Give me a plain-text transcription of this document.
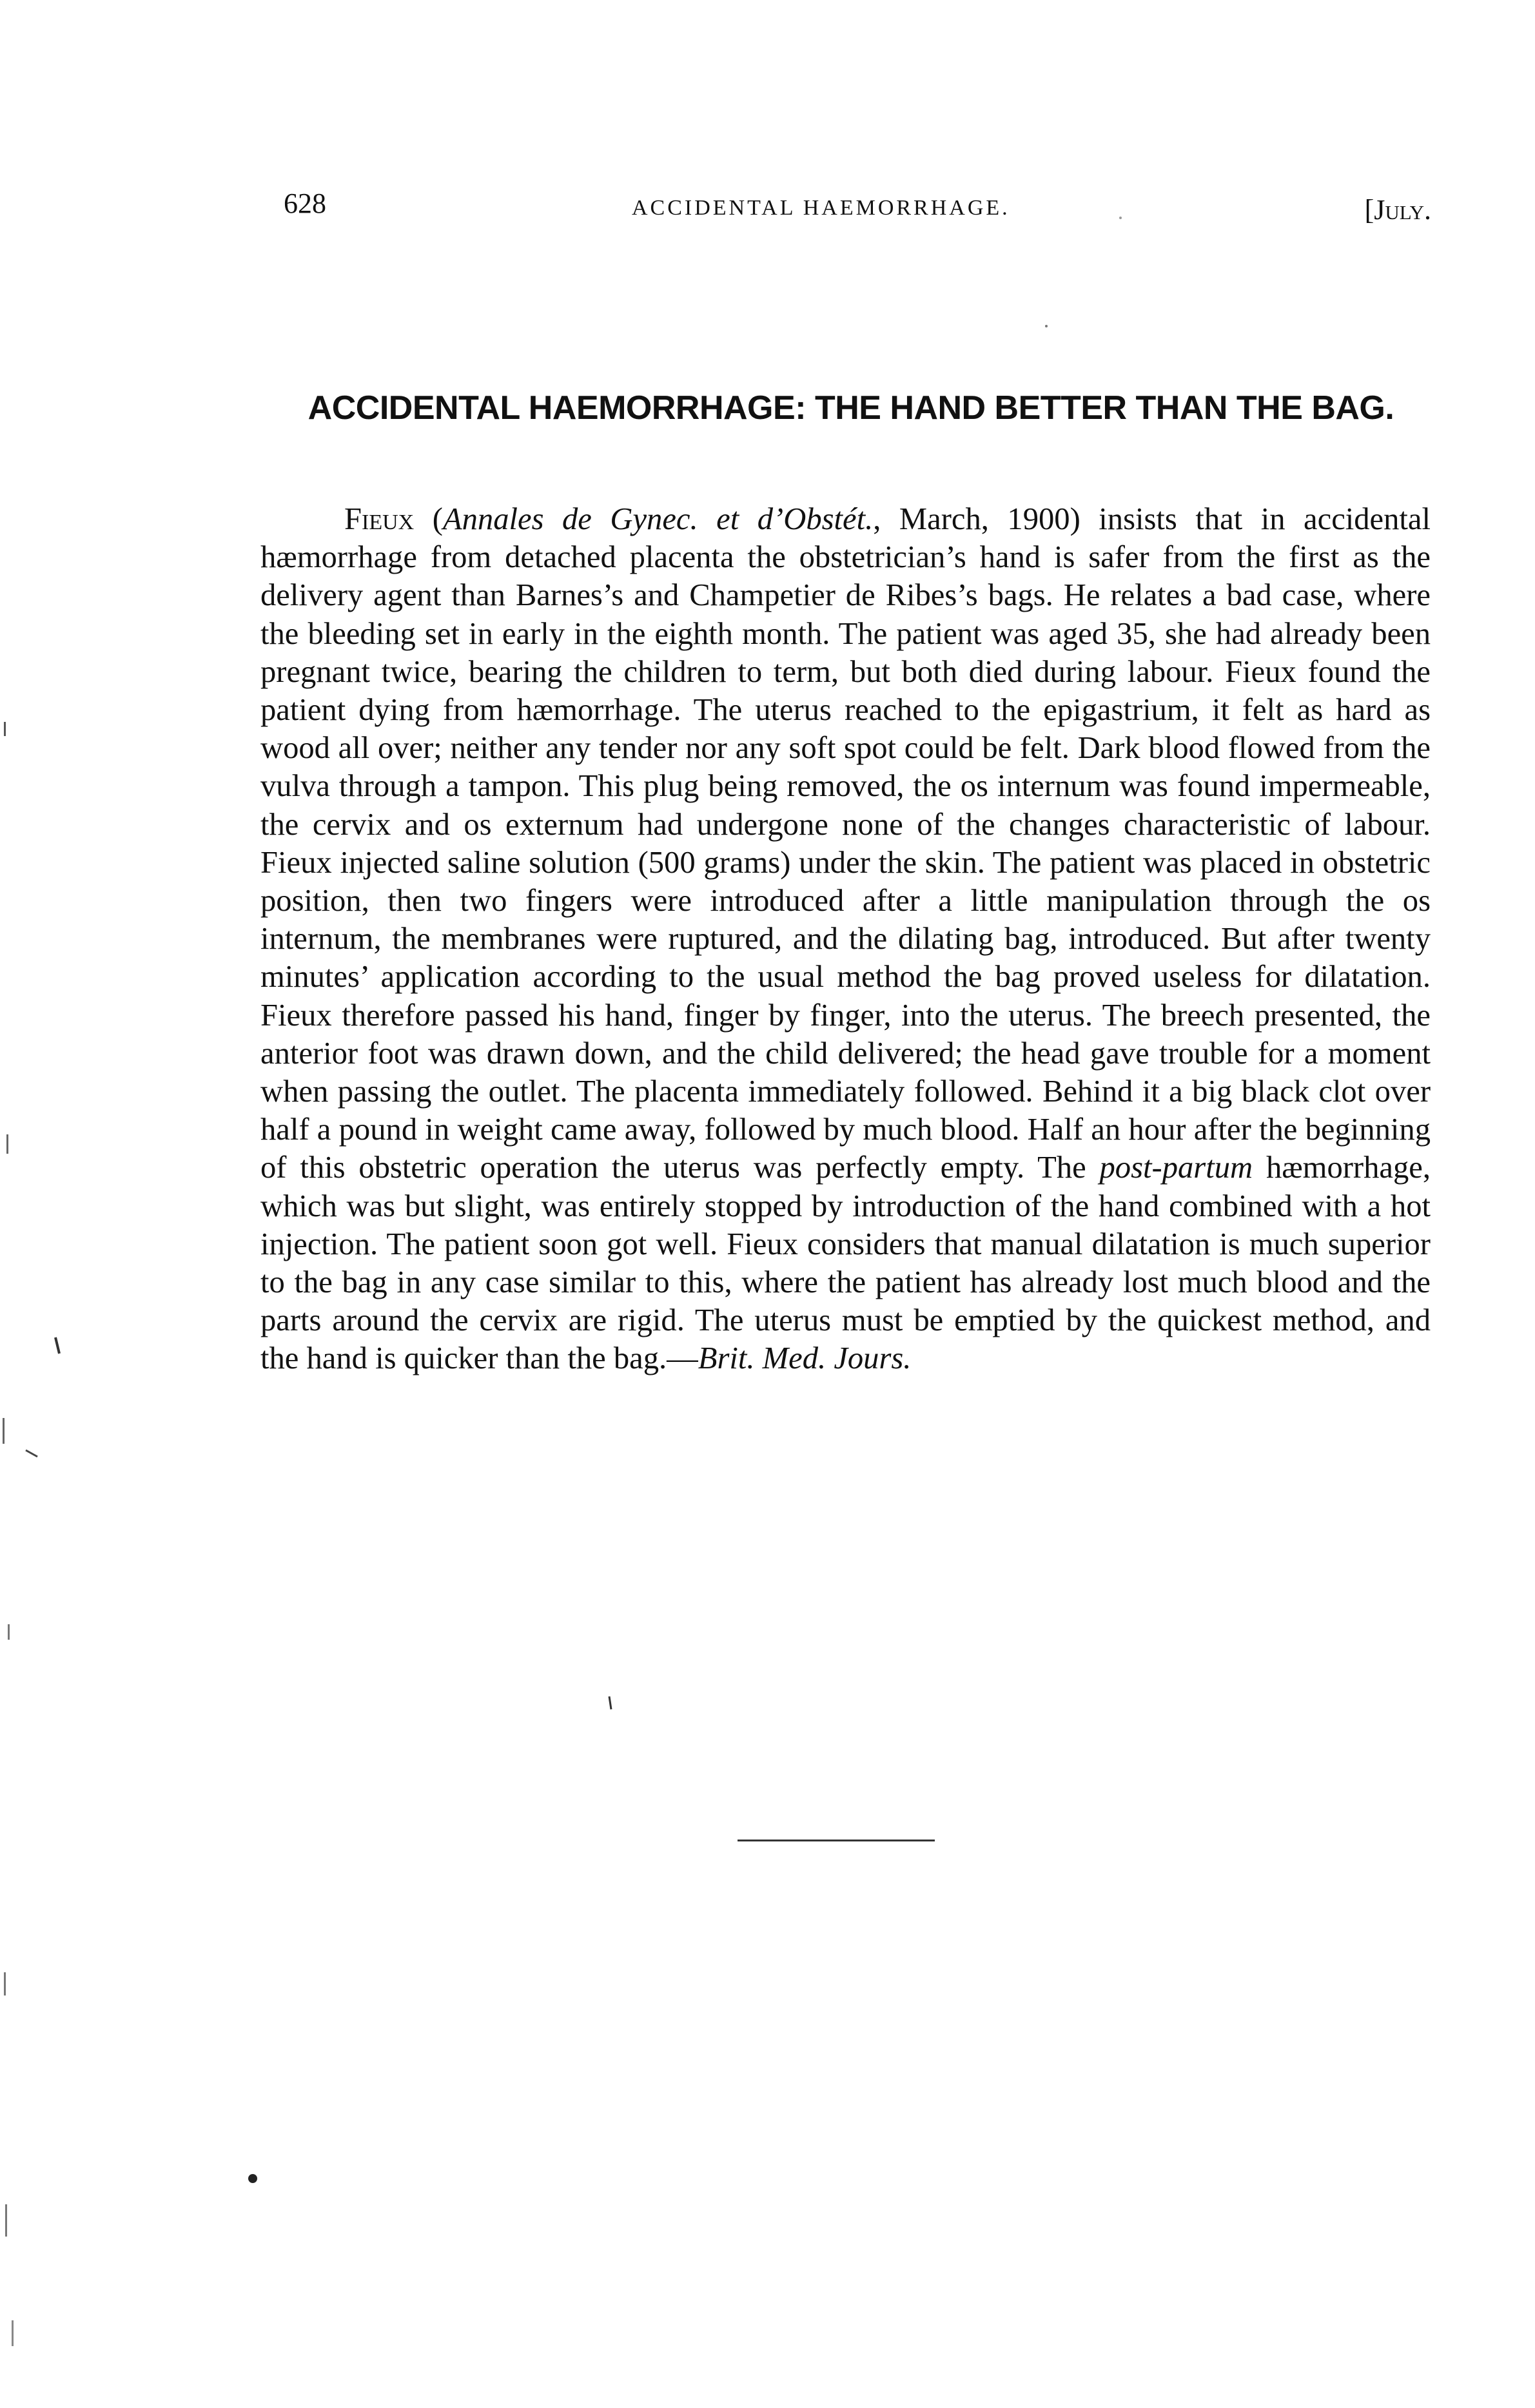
628	ACCIDENTAL HAEMORRHAGE.	[July.
ACCIDENTAL HAEMORRHAGE: THE HAND BETTER THAN THE BAG.

Fieux (Annales de Gynec. et d’Obstét., March, 1900) insists that in accidental hæmorrhage from detached placenta the obstetrician’s hand is safer from the first as the delivery agent than Barnes’s and Champetier de Ribes’s bags. He relates a bad case, where the bleeding set in early in the eighth month. The patient was aged 35, she had already been pregnant twice, bearing the children to term, but both died during labour. Fieux found the patient dying from hæmorrhage. The uterus reached to the epigastrium, it felt as hard as wood all over; neither any tender nor any soft spot could be felt. Dark blood flowed from the vulva through a tampon. This plug being removed, the os internum was found impermeable, the cervix and os externum had undergone none of the changes characteristic of labour. Fieux injected saline solution (500 grams) under the skin. The patient was placed in obstetric position, then two fingers were introduced after a little manipulation through the os internum, the membranes were ruptured, and the dilating bag, introduced. But after twenty minutes’ application according to the usual method the bag proved useless for dilatation. Fieux therefore passed his hand, finger by finger, into the uterus. The breech presented, the anterior foot was drawn down, and the child delivered; the head gave trouble for a moment when passing the outlet. The placenta immediately followed. Behind it a big black clot over half a pound in weight came away, followed by much blood. Half an hour after the beginning of this obstetric operation the uterus was perfectly empty. The post-partum hæmorrhage, which was but slight, was entirely stopped by introduction of the hand combined with a hot injection. The patient soon got well. Fieux considers that manual dilatation is much superior to the bag in any case similar to this, where the patient has already lost much blood and the parts around the cervix are rigid. The uterus must be emptied by the quickest method, and the hand is quicker than the bag.—Brit. Med. Jours.
